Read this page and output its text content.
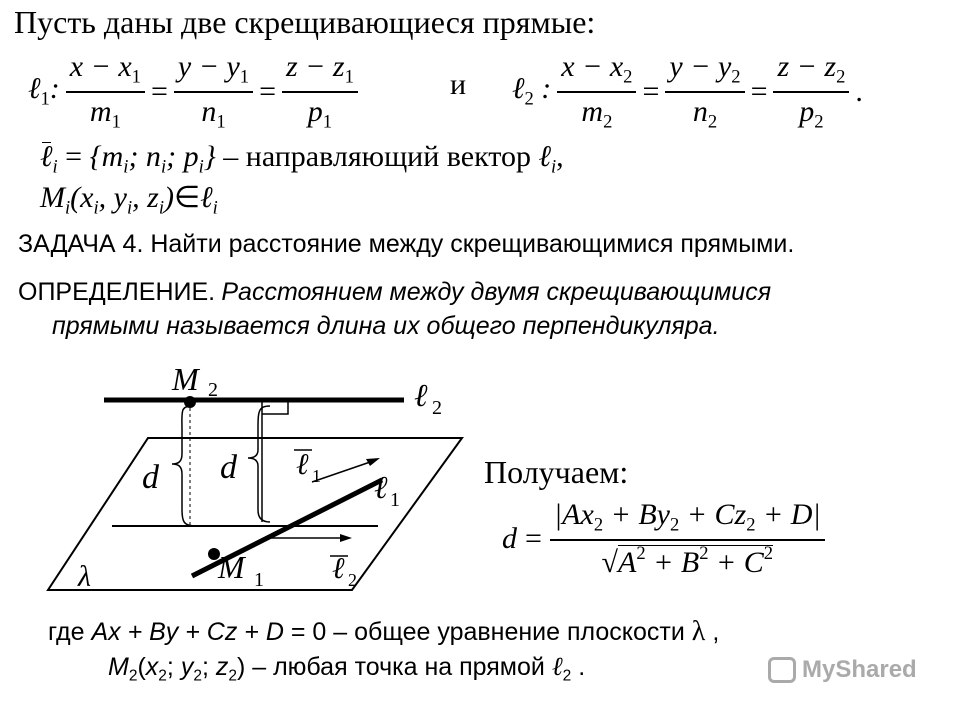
Пусть даны две скрещивающиеся прямые:
ℓ$_1$: $\frac{x - x_1}{m_1} = \frac{y - y_1}{n_1} = \frac{z - z_1}{p_1}$	и ℓ$_2$ : $\frac{x - x_2}{m_2} = \frac{y - y_2}{n_2} = \frac{z - z_2}{p_2}$ .
ℓ$_i$ = {$m_i$; $n_i$; $p_i$} – направляющий вектор ℓ$_i$,
$M_i(x_i$, $y_i$, $z_i)\in\ell_i$
ЗАДАЧА 4. Найти расстояние между скрещивающимися прямыми.
ОПРЕДЕЛЕНИЕ. Расстоянием между двумя скрещивающимися
прямыми называется длина их общего перпендикуляра.
M 2	ℓ 2
d d ℓ 1 ℓ 1
M 1 ℓ 2
λ
Получаем:
$d = \frac{|Ax_2 + By_2 + Cz_2 + D|}{√A^2 + B^2 + C^2}$
где Ax + By + Cz + D = 0 – общее уравнение плоскости λ ,
$M_2(x_2$; $y_2$; $z_2$) – любая точка на прямой ℓ$_2$ .	MyShared
